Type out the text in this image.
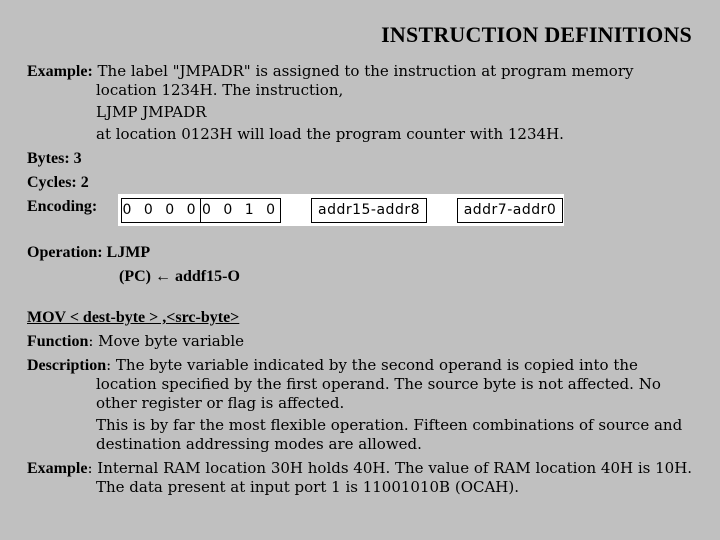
INSTRUCTION DEFINITIONS
Example: The label "JMPADR" is assigned to the instruction at program memory location 1234H. The instruction,
LJMP JMPADR
at location 0123H will load the program counter with 1234H.
Bytes: 3
Cycles: 2
Encoding: 0 0 0 0 0 0 1 0	addr15-addr8	addr7-addr0
Operation: LJMP
(PC) ← addf15-O
MOV < dest-byte > ,<src-byte>
Function: Move byte variable
Description: The byte variable indicated by the second operand is copied into the location specified by the first operand. The source byte is not affected. No other register or flag is affected.
This is by far the most flexible operation. Fifteen combinations of source and destination addressing modes are allowed.
Example: Internal RAM location 30H holds 40H. The value of RAM location 40H is 10H. The data present at input port 1 is 11001010B (OCAH).
